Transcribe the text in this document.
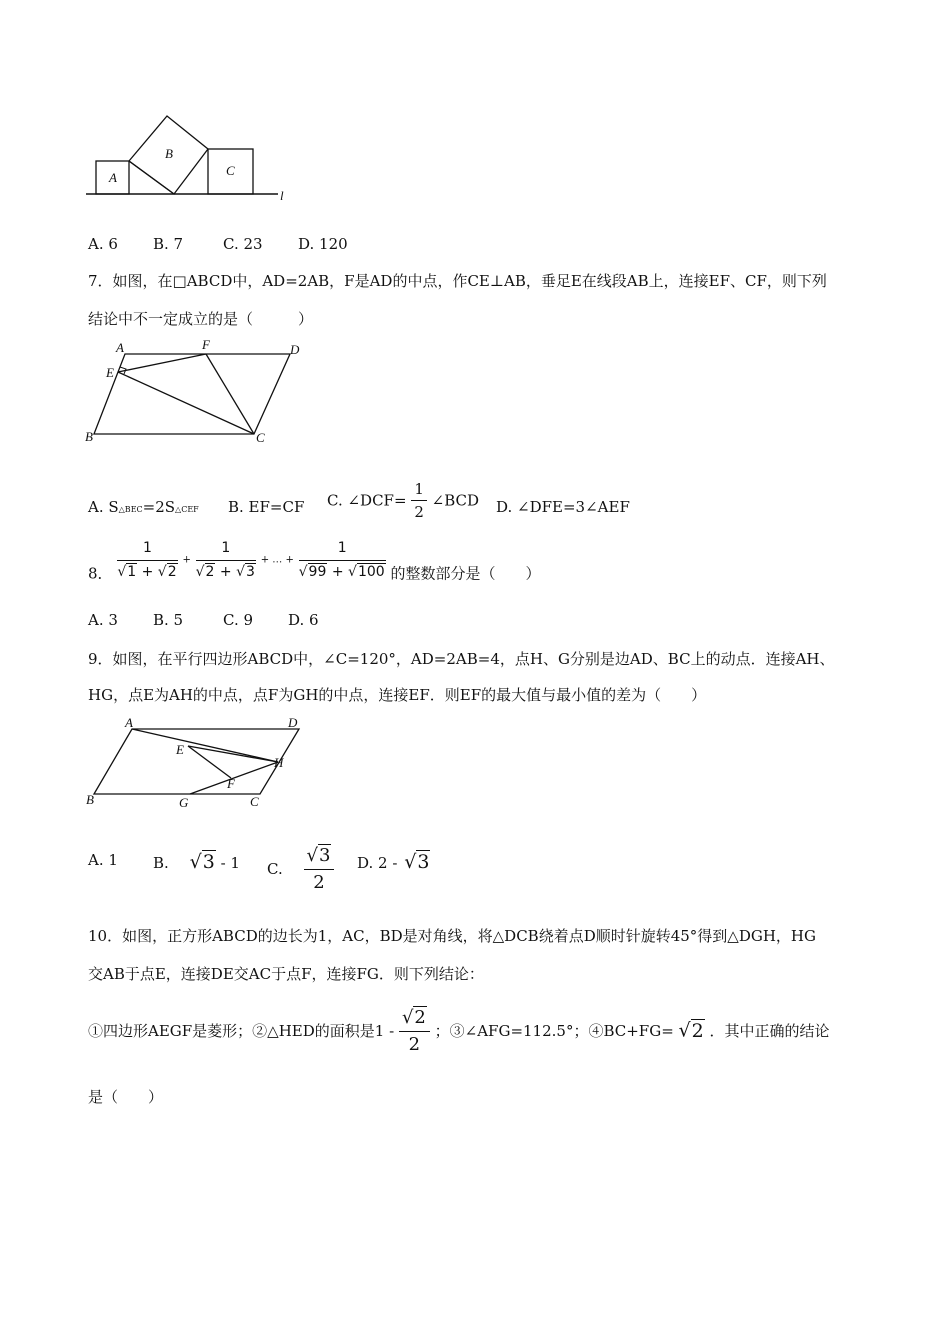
A
B
C
l
A. 6 B. 7	C. 23 D. 120
7．如图，在□ABCD中，AD=2AB，F是AD的中点，作CE⊥AB，垂足E在线段AB上，连接EF、CF，则下列
结论中不一定成立的是（　　　）
A	F	D
E
B	C
A. S△BEC=2S△CEF B. EF=CF C. ∠DCF= $\frac{1}{2}$ ∠BCD D. ∠DFE=3∠AEF
8． $\frac{1}{√1 + √2} + \frac{1}{√2 + √3}$ + … + $\frac{1}{√99 + √100}$ 的整数部分是（　　）
A. 3 B. 5	C. 9 D. 6
9．如图，在平行四边形ABCD中，∠C=120°，AD=2AB=4，点H、G分别是边AD、BC上的动点．连接AH、
HG，点E为AH的中点，点F为GH的中点，连接EF．则EF的最大值与最小值的差为（　　）
A	D
E
H
F
B	G	C
A. 1 B. √3 - 1 C. $\frac{√3}{2} D$. 2 - √3
10．如图，正方形ABCD的边长为1，AC，BD是对角线，将△DCB绕着点D顺时针旋转45°得到△DGH，HG
交AB于点E，连接DE交AC于点F，连接FG．则下列结论：
①四边形AEGF是菱形；②△HED的面积是$1 - \frac{√2}{2}$ ；③∠AFG=112.5°；④BC+FG= √2 ．其中正确的结论
是（　　）
